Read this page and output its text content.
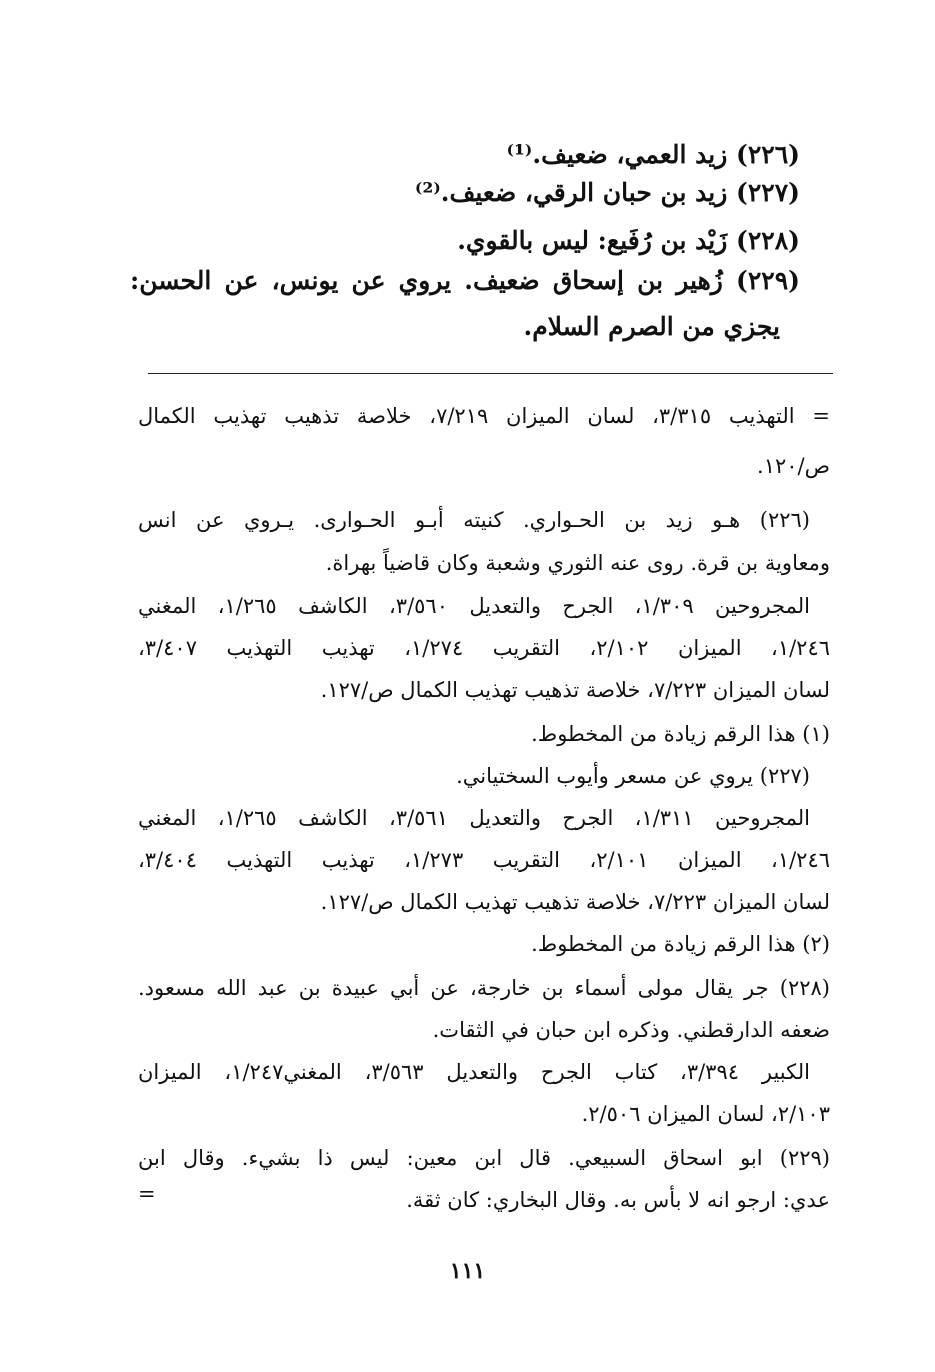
(٢٢٦) زيد العمي، ضعيف.⁽¹⁾
(٢٢٧) زيد بن حبان الرقي، ضعيف.⁽²⁾
(٢٢٨) زَيْد بن رُفَيع: ليس بالقوي.
(٢٢٩) زُهير بن إسحاق ضعيف. يروي عن يونس، عن الحسن:
يجزي من الصرم السلام.
= التهذيب ٣/٣١٥، لسان الميزان ٧/٢١٩، خلاصة تذهيب تهذيب الكمال
ص/١٢٠.
(٢٢٦) هـو زيد بن الحـواري. كنيته أبـو الحـوارى. يـروي عن انس
ومعاوية بن قرة. روى عنه الثوري وشعبة وكان قاضياً بهراة.
المجروحين ١/٣٠٩، الجرح والتعديل ٣/٥٦٠، الكاشف ١/٢٦٥، المغني
١/٢٤٦، الميزان ٢/١٠٢، التقريب ١/٢٧٤، تهذيب التهذيب ٣/٤٠٧،
لسان الميزان ٧/٢٢٣، خلاصة تذهيب تهذيب الكمال ص/١٢٧.
(١) هذا الرقم زيادة من المخطوط.
(٢٢٧) يروي عن مسعر وأيوب السختياني.
المجروحين ١/٣١١، الجرح والتعديل ٣/٥٦١، الكاشف ١/٢٦٥، المغني
١/٢٤٦، الميزان ٢/١٠١، التقريب ١/٢٧٣، تهذيب التهذيب ٣/٤٠٤،
لسان الميزان ٧/٢٢٣، خلاصة تذهيب تهذيب الكمال ص/١٢٧.
(٢) هذا الرقم زيادة من المخطوط.
(٢٢٨) جر يقال مولى أسماء بن خارجة، عن أبي عبيدة بن عبد الله مسعود.
ضعفه الدارقطني. وذكره ابن حبان في الثقات.
الكبير ٣/٣٩٤، كتاب الجرح والتعديل ٣/٥٦٣، المغني١/٢٤٧، الميزان
٢/١٠٣، لسان الميزان ٢/٥٠٦.
(٢٢٩) ابو اسحاق السبيعي. قال ابن معين: ليس ذا بشيء. وقال ابن
عدي: ارجو انه لا بأس به. وقال البخاري: كان ثقة.
=
١١١
